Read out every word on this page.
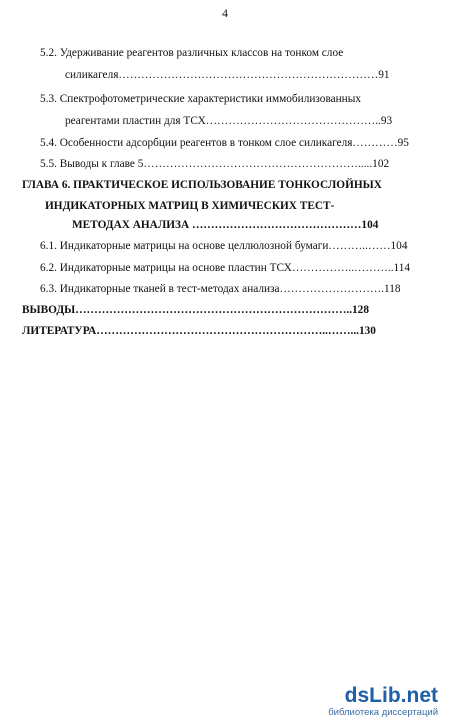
4
5.2. Удерживание реагентов различных классов на тонком слое
силикагеля……………………………………………………………91
5.3. Спектрофотометрические характеристики иммобилизованных
реагентами пластин для ТСХ………………………………………..93
5.4. Особенности адсорбции реагентов в тонком слое силикагеля…………95
5.5. Выводы к главе 5………………………………………………….....102
ГЛАВА 6. ПРАКТИЧЕСКОЕ ИСПОЛЬЗОВАНИЕ ТОНКОСЛОЙНЫХ
ИНДИКАТОРНЫХ МАТРИЦ В ХИМИЧЕСКИХ ТЕСТ-
МЕТОДАХ АНАЛИЗА ………………………………………104
6.1. Индикаторные матрицы на основе целлюлозной бумаги………..……104
6.2. Индикаторные матрицы на основе пластин ТСХ……………..………..114
6.3. Индикаторные тканей в тест-методах анализа……………………….118
ВЫВОДЫ………………………………………………………………..128
ЛИТЕРАТУРА……………………………………………………..……...130
dsLib.net
библиотека диссертаций
